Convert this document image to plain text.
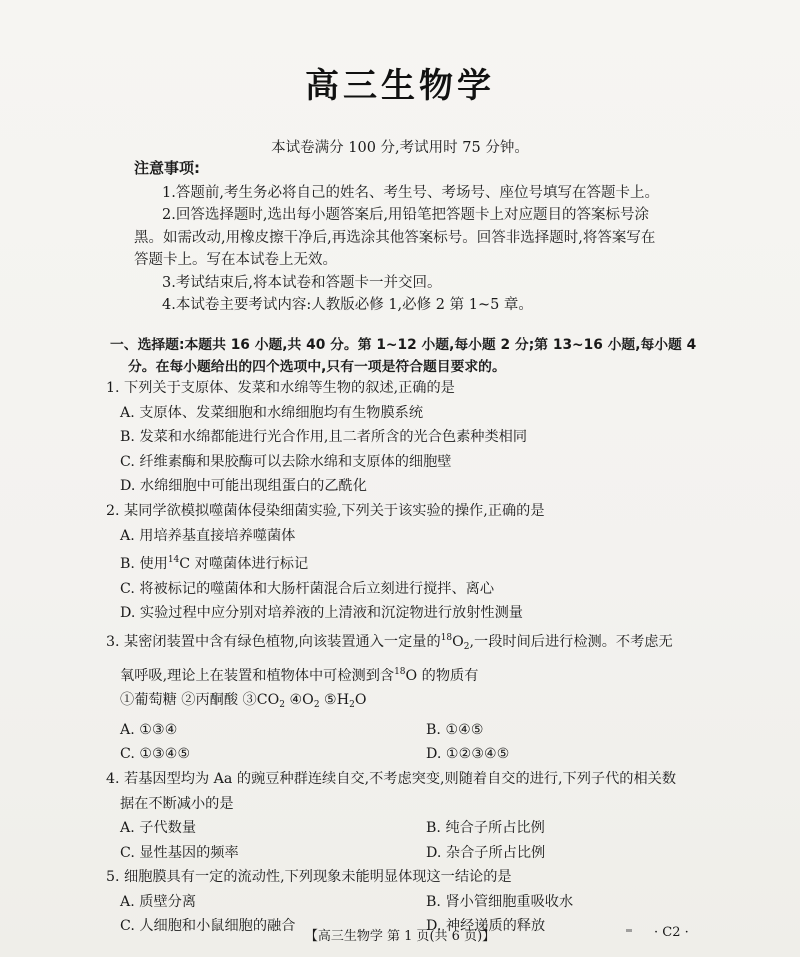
高三生物学
本试卷满分 100 分,考试用时 75 分钟。
注意事项:
1.答题前,考生务必将自己的姓名、考生号、考场号、座位号填写在答题卡上。
2.回答选择题时,选出每小题答案后,用铅笔把答题卡上对应题目的答案标号涂
黑。如需改动,用橡皮擦干净后,再选涂其他答案标号。回答非选择题时,将答案写在
答题卡上。写在本试卷上无效。
3.考试结束后,将本试卷和答题卡一并交回。
4.本试卷主要考试内容:人教版必修 1,必修 2 第 1~5 章。
一、选择题:本题共 16 小题,共 40 分。第 1~12 小题,每小题 2 分;第 13~16 小题,每小题 4
分。在每小题给出的四个选项中,只有一项是符合题目要求的。
1. 下列关于支原体、发菜和水绵等生物的叙述,正确的是
A. 支原体、发菜细胞和水绵细胞均有生物膜系统
B. 发菜和水绵都能进行光合作用,且二者所含的光合色素种类相同
C. 纤维素酶和果胶酶可以去除水绵和支原体的细胞壁
D. 水绵细胞中可能出现组蛋白的乙酰化
2. 某同学欲模拟噬菌体侵染细菌实验,下列关于该实验的操作,正确的是
A. 用培养基直接培养噬菌体
B. 使用$^{14}$C 对噬菌体进行标记
C. 将被标记的噬菌体和大肠杆菌混合后立刻进行搅拌、离心
D. 实验过程中应分别对培养液的上清液和沉淀物进行放射性测量
3. 某密闭装置中含有绿色植物,向该装置通入一定量的$^{18}O_2$,一段时间后进行检测。不考虑无
氧呼吸,理论上在装置和植物体中可检测到含$^{18}$O 的物质有
①葡萄糖 ②丙酮酸 $③CO_2$ $④O_2$ $⑤H_2O$
A. ①③④	B. ①④⑤
C. ①③④⑤	D. ①②③④⑤
4. 若基因型均为 Aa 的豌豆种群连续自交,不考虑突变,则随着自交的进行,下列子代的相关数
据在不断减小的是
A. 子代数量	B. 纯合子所占比例
C. 显性基因的频率	D. 杂合子所占比例
5. 细胞膜具有一定的流动性,下列现象未能明显体现这一结论的是
A. 质壁分离	B. 肾小管细胞重吸收水
C. 人细胞和小鼠细胞的融合	D. 神经递质的释放
【高三生物学 第 1 页(共 6 页)】	· C2 ·
